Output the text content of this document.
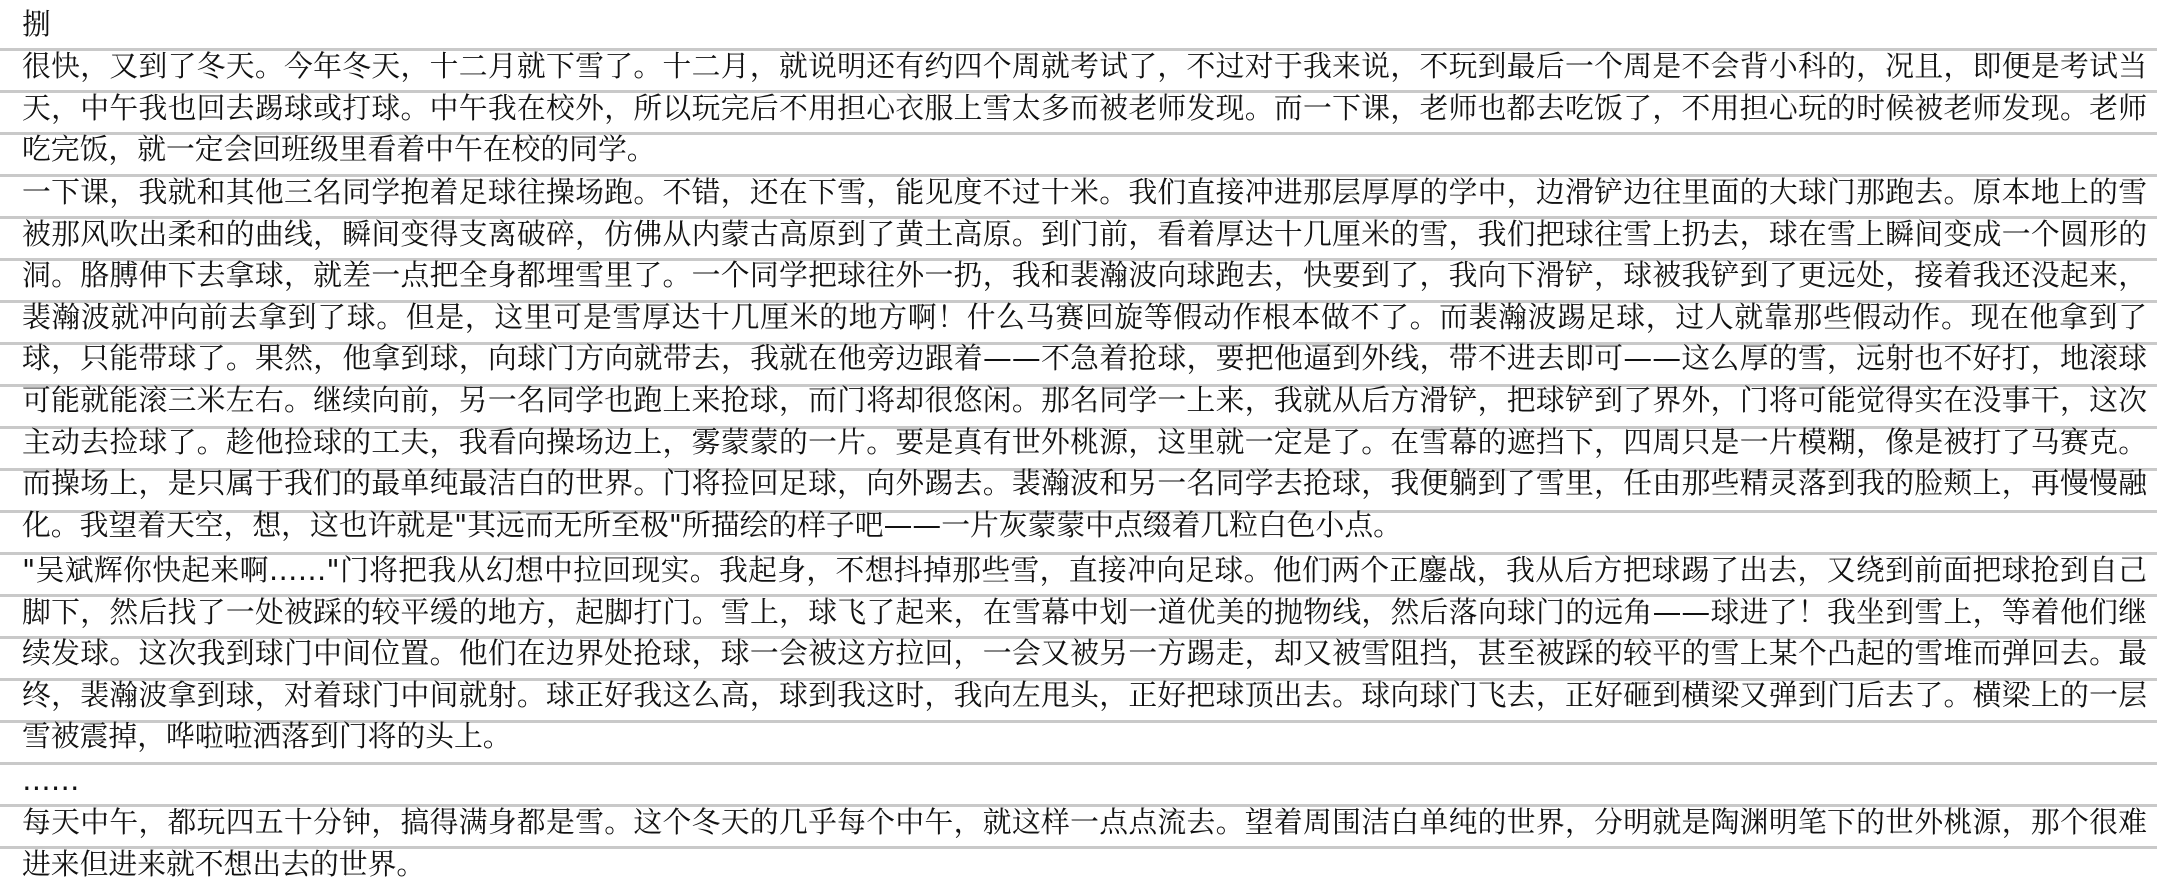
捌

很快，又到了冬天。今年冬天，十二月就下雪了。十二月，就说明还有约四个周就考试了，不过对于我来说，不玩到最后一个周是不会背小科的，况且，即便是考试当天，中午我也回去踢球或打球。中午我在校外，所以玩完后不用担心衣服上雪太多而被老师发现。而一下课，老师也都去吃饭了，不用担心玩的时候被老师发现。老师吃完饭，就一定会回班级里看着中午在校的同学。

一下课，我就和其他三名同学抱着足球往操场跑。不错，还在下雪，能见度不过十米。我们直接冲进那层厚厚的学中，边滑铲边往里面的大球门那跑去。原本地上的雪被那风吹出柔和的曲线，瞬间变得支离破碎，仿佛从内蒙古高原到了黄土高原。到门前，看着厚达十几厘米的雪，我们把球往雪上扔去，球在雪上瞬间变成一个圆形的洞。胳膊伸下去拿球，就差一点把全身都埋雪里了。一个同学把球往外一扔，我和裴瀚波向球跑去，快要到了，我向下滑铲，球被我铲到了更远处，接着我还没起来，裴瀚波就冲向前去拿到了球。但是，这里可是雪厚达十几厘米的地方啊！什么马赛回旋等假动作根本做不了。而裴瀚波踢足球，过人就靠那些假动作。现在他拿到了球，只能带球了。果然，他拿到球，向球门方向就带去，我就在他旁边跟着——不急着抢球，要把他逼到外线，带不进去即可——这么厚的雪，远射也不好打，地滚球可能就能滚三米左右。继续向前，另一名同学也跑上来抢球，而门将却很悠闲。那名同学一上来，我就从后方滑铲，把球铲到了界外，门将可能觉得实在没事干，这次主动去捡球了。趁他捡球的工夫，我看向操场边上，雾蒙蒙的一片。要是真有世外桃源，这里就一定是了。在雪幕的遮挡下，四周只是一片模糊，像是被打了马赛克。而操场上，是只属于我们的最单纯最洁白的世界。门将捡回足球，向外踢去。裴瀚波和另一名同学去抢球，我便躺到了雪里，任由那些精灵落到我的脸颊上，再慢慢融化。我望着天空，想，这也许就是"其远而无所至极"所描绘的样子吧——一片灰蒙蒙中点缀着几粒白色小点。

"吴斌辉你快起来啊……"门将把我从幻想中拉回现实。我起身，不想抖掉那些雪，直接冲向足球。他们两个正鏖战，我从后方把球踢了出去，又绕到前面把球抢到自己脚下，然后找了一处被踩的较平缓的地方，起脚打门。雪上，球飞了起来，在雪幕中划一道优美的抛物线，然后落向球门的远角——球进了！我坐到雪上，等着他们继续发球。这次我到球门中间位置。他们在边界处抢球，球一会被这方拉回，一会又被另一方踢走，却又被雪阻挡，甚至被踩的较平的雪上某个凸起的雪堆而弹回去。最终，裴瀚波拿到球，对着球门中间就射。球正好我这么高，球到我这时，我向左甩头，正好把球顶出去。球向球门飞去，正好砸到横梁又弹到门后去了。横梁上的一层雪被震掉，哗啦啦洒落到门将的头上。

……

每天中午，都玩四五十分钟，搞得满身都是雪。这个冬天的几乎每个中午，就这样一点点流去。望着周围洁白单纯的世界，分明就是陶渊明笔下的世外桃源，那个很难进来但进来就不想出去的世界。
